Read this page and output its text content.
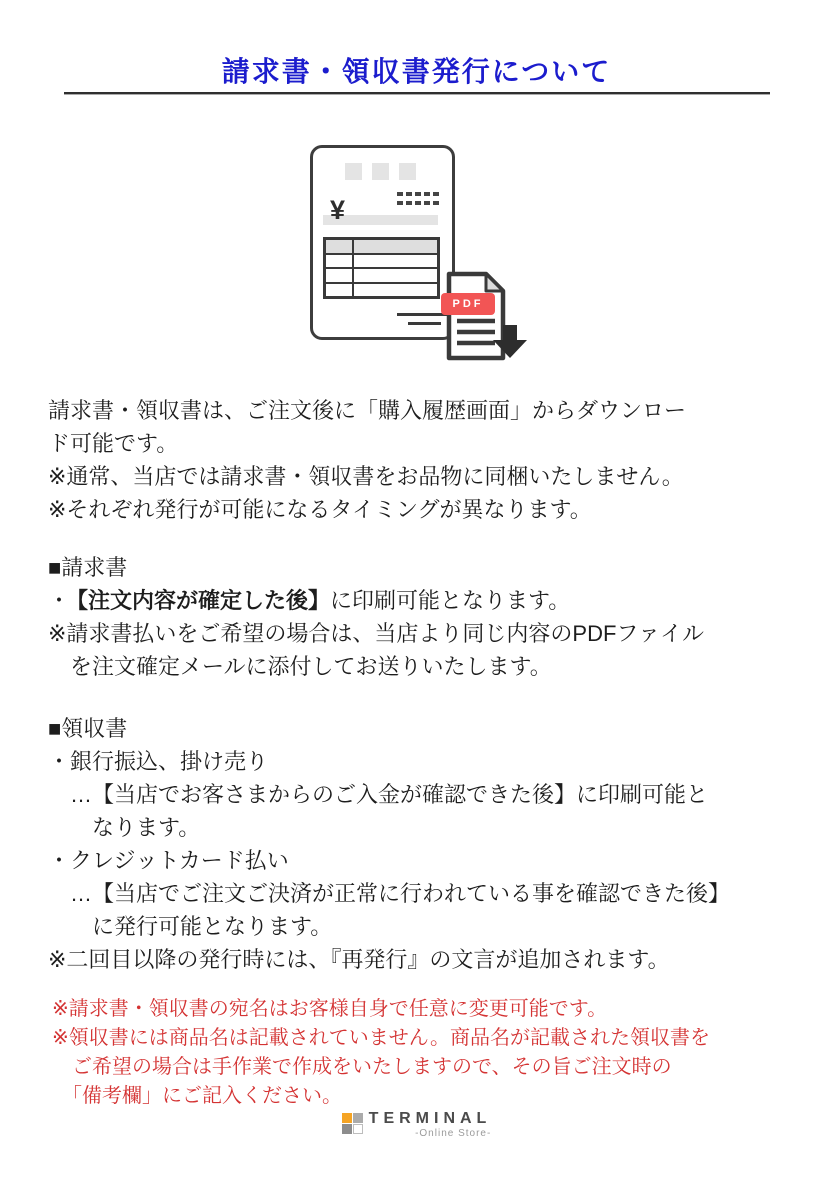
請求書・領収書発行について
¥
PDF

請求書・領収書は、ご注文後に「購入履歴画面」からダウンロー

ド可能です。

※通常、当店では請求書・領収書をお品物に同梱いたしません。

※それぞれ発行が可能になるタイミングが異なります。

■請求書

・ 【注文内容が確定した後】に印刷可能となります。

※請求書払いをご希望の場合は、当店より同じ内容のPDFファイル

　を注文確定メールに添付してお送りいたします。

■領収書

・銀行振込、掛け売り

　…【当店でお客さまからのご入金が確認できた後】に印刷可能と

　　なります。

・クレジットカード払い

　…【当店でご注文ご決済が正常に行われている事を確認できた後】

　　に発行可能となります。

※二回目以降の発行時には、『再発行』の文言が追加されます。

※請求書・領収書の宛名はお客様自身で任意に変更可能です。

※領収書には商品名は記載されていません。商品名が記載された領収書を

　ご希望の場合は手作業で作成をいたしますので、その旨ご注文時の

　「備考欄」にご記入ください。

TERMINAL
-Online Store-
